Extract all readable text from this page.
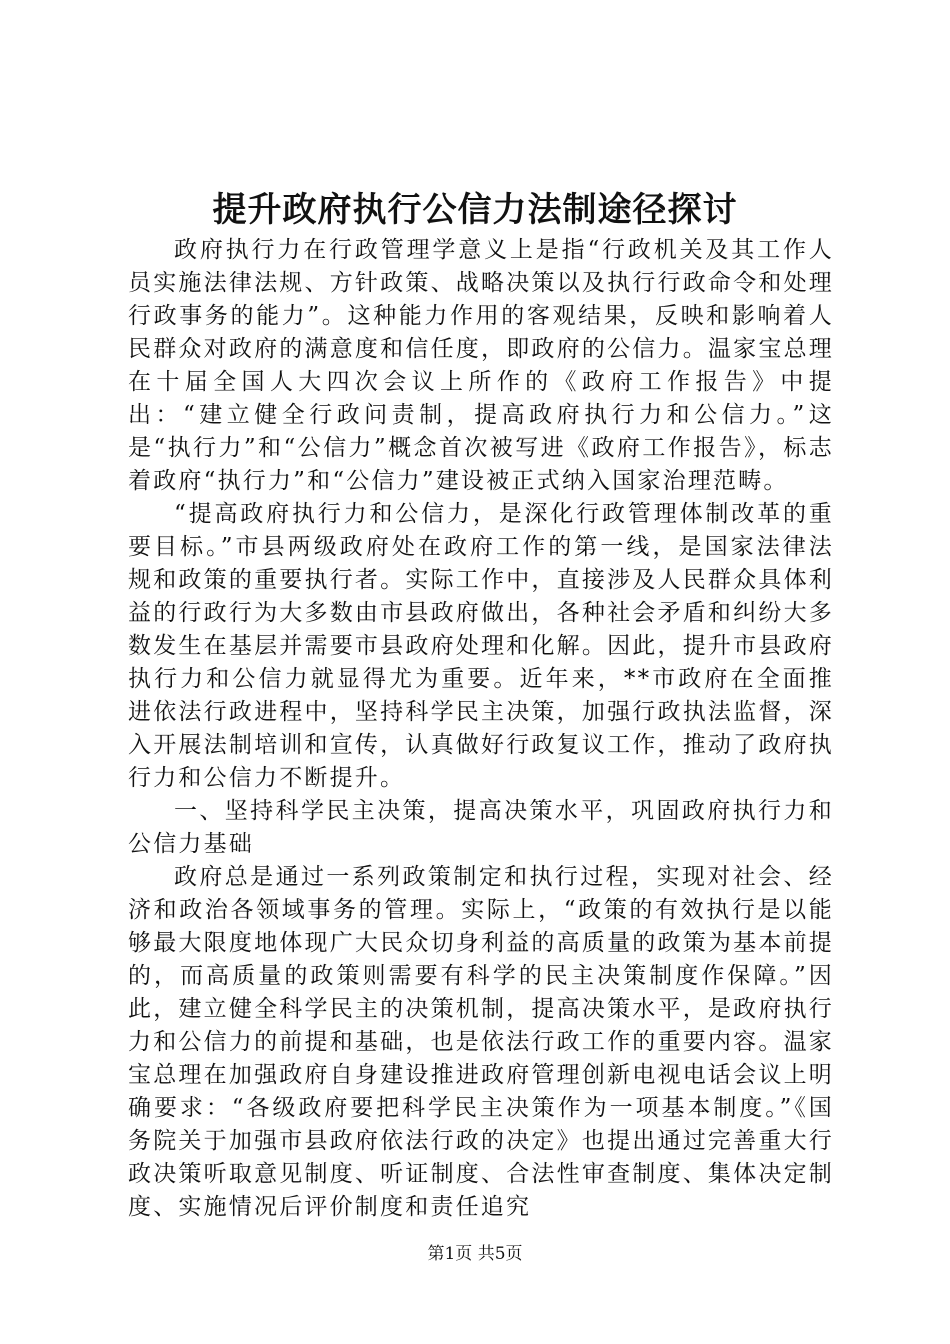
提升政府执行公信力法制途径探讨

政府执行力在行政管理学意义上是指“行政机关及其工作人员实施法律法规、方针政策、战略决策以及执行行政命令和处理行政事务的能力”。这种能力作用的客观结果，反映和影响着人民群众对政府的满意度和信任度，即政府的公信力。温家宝总理在十届全国人大四次会议上所作的《政府工作报告》中提出：“建立健全行政问责制，提高政府执行力和公信力。”这是“执行力”和“公信力”概念首次被写进《政府工作报告》，标志着政府“执行力”和“公信力”建设被正式纳入国家治理范畴。

“提高政府执行力和公信力，是深化行政管理体制改革的重要目标。”市县两级政府处在政府工作的第一线，是国家法律法规和政策的重要执行者。实际工作中，直接涉及人民群众具体利益的行政行为大多数由市县政府做出，各种社会矛盾和纠纷大多数发生在基层并需要市县政府处理和化解。因此，提升市县政府执行力和公信力就显得尤为重要。近年来，**市政府在全面推进依法行政进程中，坚持科学民主决策，加强行政执法监督，深入开展法制培训和宣传，认真做好行政复议工作，推动了政府执行力和公信力不断提升。

一、坚持科学民主决策，提高决策水平，巩固政府执行力和公信力基础

政府总是通过一系列政策制定和执行过程，实现对社会、经济和政治各领域事务的管理。实际上，“政策的有效执行是以能够最大限度地体现广大民众切身利益的高质量的政策为基本前提的，而高质量的政策则需要有科学的民主决策制度作保障。”因此，建立健全科学民主的决策机制，提高决策水平，是政府执行力和公信力的前提和基础，也是依法行政工作的重要内容。温家宝总理在加强政府自身建设推进政府管理创新电视电话会议上明确要求：“各级政府要把科学民主决策作为一项基本制度。”《国务院关于加强市县政府依法行政的决定》也提出通过完善重大行政决策听取意见制度、听证制度、合法性审查制度、集体决定制度、实施情况后评价制度和责任追究

第1页 共5页
